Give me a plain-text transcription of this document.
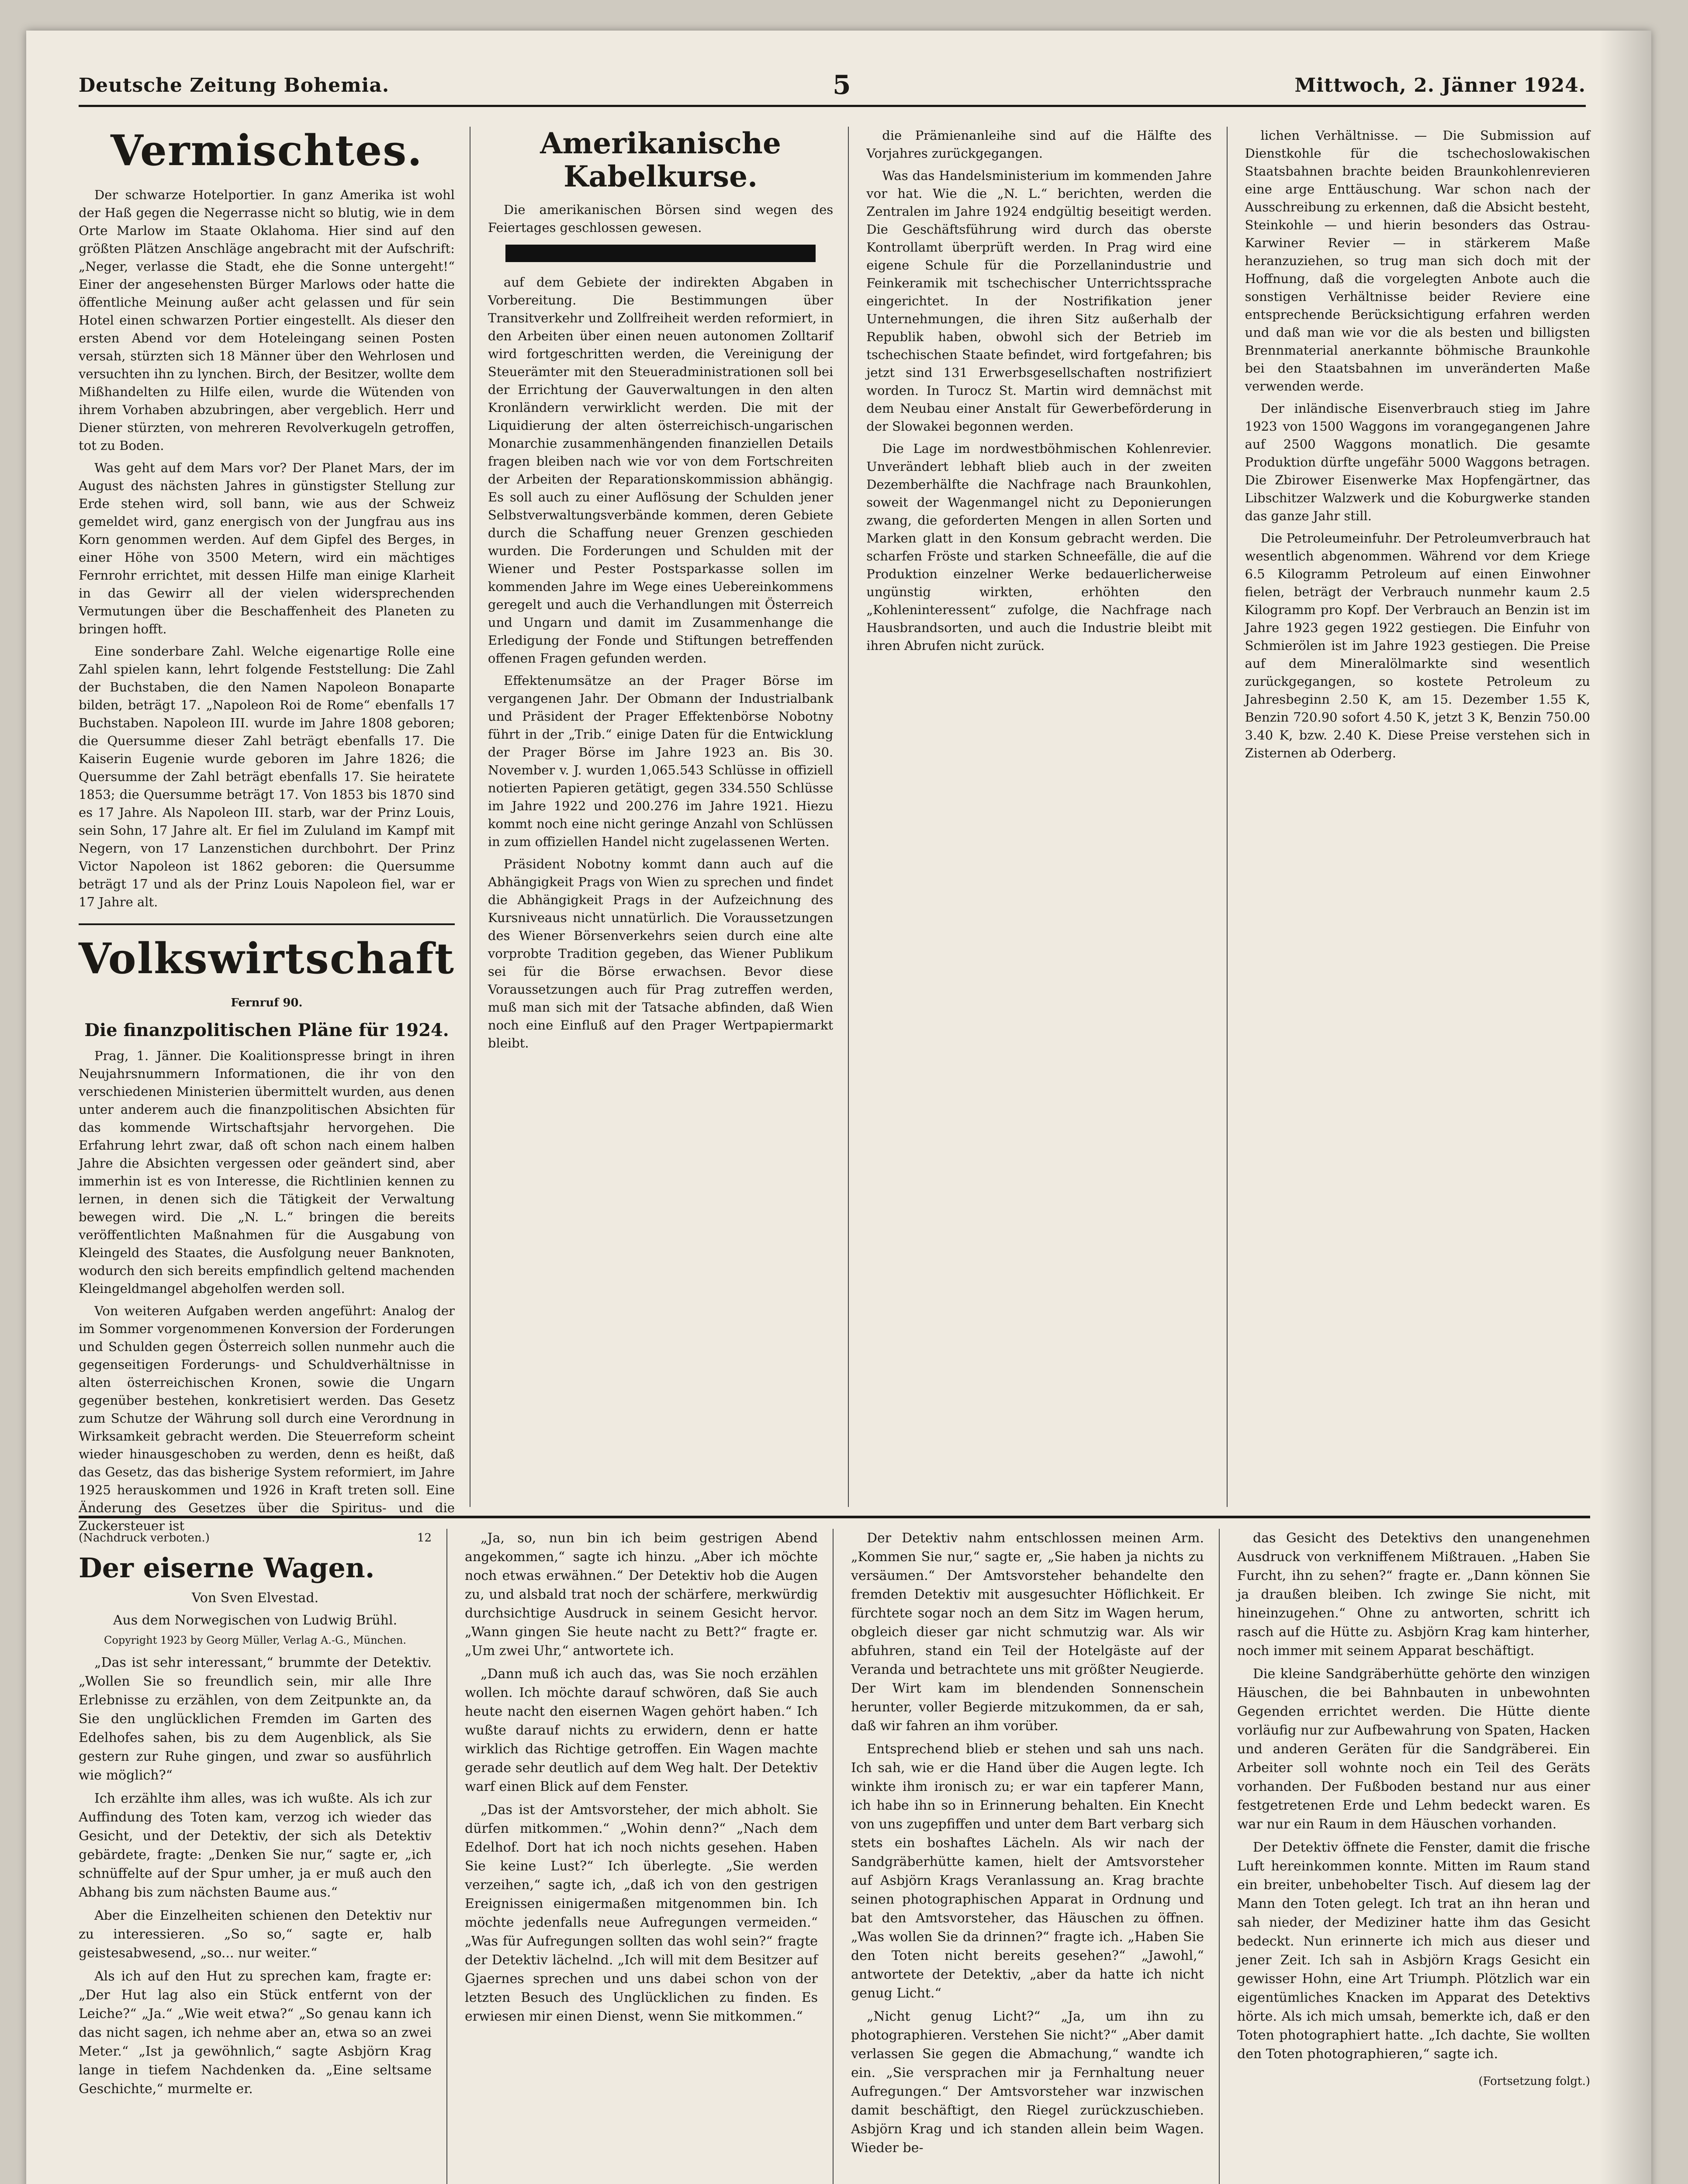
Deutsche Zeitung Bohemia.	5	Mittwoch, 2. Jänner 1924.
Vermischtes.

Der schwarze Hotelportier. In ganz Amerika ist wohl der Haß gegen die Negerrasse nicht so blutig, wie in dem Orte Marlow im Staate Oklahoma. Hier sind auf den größten Plätzen Anschläge angebracht mit der Aufschrift: „Neger, verlasse die Stadt, ehe die Sonne untergeht!“ Einer der angesehensten Bürger Marlows oder hatte die öffentliche Meinung außer acht gelassen und für sein Hotel einen schwarzen Portier eingestellt. Als dieser den ersten Abend vor dem Hoteleingang seinen Posten versah, stürzten sich 18 Männer über den Wehrlosen und versuchten ihn zu lynchen. Birch, der Besitzer, wollte dem Mißhandelten zu Hilfe eilen, wurde die Wütenden von ihrem Vorhaben abzubringen, aber vergeblich. Herr und Diener stürzten, von mehreren Revolverkugeln getroffen, tot zu Boden.

Was geht auf dem Mars vor? Der Planet Mars, der im August des nächsten Jahres in günstigster Stellung zur Erde stehen wird, soll bann, wie aus der Schweiz gemeldet wird, ganz energisch von der Jungfrau aus ins Korn genommen werden. Auf dem Gipfel des Berges, in einer Höhe von 3500 Metern, wird ein mächtiges Fernrohr errichtet, mit dessen Hilfe man einige Klarheit in das Gewirr all der vielen widersprechenden Vermutungen über die Beschaffenheit des Planeten zu bringen hofft.

Eine sonderbare Zahl. Welche eigenartige Rolle eine Zahl spielen kann, lehrt folgende Feststellung: Die Zahl der Buchstaben, die den Namen Napoleon Bonaparte bilden, beträgt 17. „Napoleon Roi de Rome“ ebenfalls 17 Buchstaben. Napoleon III. wurde im Jahre 1808 geboren; die Quersumme dieser Zahl beträgt ebenfalls 17. Die Kaiserin Eugenie wurde geboren im Jahre 1826; die Quersumme der Zahl beträgt ebenfalls 17. Sie heiratete 1853; die Quersumme beträgt 17. Von 1853 bis 1870 sind es 17 Jahre. Als Napoleon III. starb, war der Prinz Louis, sein Sohn, 17 Jahre alt. Er fiel im Zululand im Kampf mit Negern, von 17 Lanzenstichen durchbohrt. Der Prinz Victor Napoleon ist 1862 geboren: die Quersumme beträgt 17 und als der Prinz Louis Napoleon fiel, war er 17 Jahre alt.

Volkswirtschaft
Fernruf 90.
Die finanzpolitischen Pläne für 1924.

Prag, 1. Jänner. Die Koalitionspresse bringt in ihren Neujahrsnummern Informationen, die ihr von den verschiedenen Ministerien übermittelt wurden, aus denen unter anderem auch die finanzpolitischen Absichten für das kommende Wirtschaftsjahr hervorgehen. Die Erfahrung lehrt zwar, daß oft schon nach einem halben Jahre die Absichten vergessen oder geändert sind, aber immerhin ist es von Interesse, die Richtlinien kennen zu lernen, in denen sich die Tätigkeit der Verwaltung bewegen wird. Die „N. L.“ bringen die bereits veröffentlichten Maßnahmen für die Ausgabung von Kleingeld des Staates, die Ausfolgung neuer Banknoten, wodurch den sich bereits empfindlich geltend machenden Kleingeldmangel abgeholfen werden soll.

Von weiteren Aufgaben werden angeführt: Analog der im Sommer vorgenommenen Konversion der Forderungen und Schulden gegen Österreich sollen nunmehr auch die gegenseitigen Forderungs- und Schuldverhältnisse in alten österreichischen Kronen, sowie die Ungarn gegenüber bestehen, konkretisiert werden. Das Gesetz zum Schutze der Währung soll durch eine Verordnung in Wirksamkeit gebracht werden. Die Steuerreform scheint wieder hinausgeschoben zu werden, denn es heißt, daß das Gesetz, das das bisherige System reformiert, im Jahre 1925 herauskommen und 1926 in Kraft treten soll. Eine Änderung des Gesetzes über die Spiritus- und die Zuckersteuer ist

Amerikanische Kabelkurse.

Die amerikanischen Börsen sind wegen des Feiertages geschlossen gewesen.

auf dem Gebiete der indirekten Abgaben in Vorbereitung. Die Bestimmungen über Transitverkehr und Zollfreiheit werden reformiert, in den Arbeiten über einen neuen autonomen Zolltarif wird fortgeschritten werden, die Vereinigung der Steuerämter mit den Steueradministrationen soll bei der Errichtung der Gauverwaltungen in den alten Kronländern verwirklicht werden. Die mit der Liquidierung der alten österreichisch-ungarischen Monarchie zusammenhängenden finanziellen Details fragen bleiben nach wie vor von dem Fortschreiten der Arbeiten der Reparationskommission abhängig. Es soll auch zu einer Auflösung der Schulden jener Selbstverwaltungsverbände kommen, deren Gebiete durch die Schaffung neuer Grenzen geschieden wurden. Die Forderungen und Schulden mit der Wiener und Pester Postsparkasse sollen im kommenden Jahre im Wege eines Uebereinkommens geregelt und auch die Verhandlungen mit Österreich und Ungarn und damit im Zusammenhange die Erledigung der Fonde und Stiftungen betreffenden offenen Fragen gefunden werden.

Effektenumsätze an der Prager Börse im vergangenen Jahr. Der Obmann der Industrialbank und Präsident der Prager Effektenbörse Nobotny führt in der „Trib.“ einige Daten für die Entwicklung der Prager Börse im Jahre 1923 an. Bis 30. November v. J. wurden 1,065.543 Schlüsse in offiziell notierten Papieren getätigt, gegen 334.550 Schlüsse im Jahre 1922 und 200.276 im Jahre 1921. Hiezu kommt noch eine nicht geringe Anzahl von Schlüssen in zum offiziellen Handel nicht zugelassenen Werten.

Präsident Nobotny kommt dann auch auf die Abhängigkeit Prags von Wien zu sprechen und findet die Abhängigkeit Prags in der Aufzeichnung des Kursniveaus nicht unnatürlich. Die Voraussetzungen des Wiener Börsenverkehrs seien durch eine alte vorprobte Tradition gegeben, das Wiener Publikum sei für die Börse erwachsen. Bevor diese Voraussetzungen auch für Prag zutreffen werden, muß man sich mit der Tatsache abfinden, daß Wien noch eine Einfluß auf den Prager Wertpapiermarkt bleibt.

die Prämienanleihe sind auf die Hälfte des Vorjahres zurückgegangen.

Was das Handelsministerium im kommenden Jahre vor hat. Wie die „N. L.“ berichten, werden die Zentralen im Jahre 1924 endgültig beseitigt werden. Die Geschäftsführung wird durch das oberste Kontrollamt überprüft werden. In Prag wird eine eigene Schule für die Porzellanindustrie und Feinkeramik mit tschechischer Unterrichtssprache eingerichtet. In der Nostrifikation jener Unternehmungen, die ihren Sitz außerhalb der Republik haben, obwohl sich der Betrieb im tschechischen Staate befindet, wird fortgefahren; bis jetzt sind 131 Erwerbsgesellschaften nostrifiziert worden. In Turocz St. Martin wird demnächst mit dem Neubau einer Anstalt für Gewerbeförderung in der Slowakei begonnen werden.

Die Lage im nordwestböhmischen Kohlenrevier. Unverändert lebhaft blieb auch in der zweiten Dezemberhälfte die Nachfrage nach Braunkohlen, soweit der Wagenmangel nicht zu Deponierungen zwang, die geforderten Mengen in allen Sorten und Marken glatt in den Konsum gebracht werden. Die scharfen Fröste und starken Schneefälle, die auf die Produktion einzelner Werke bedauerlicherweise ungünstig wirkten, erhöhten den „Kohleninteressent“ zufolge, die Nachfrage nach Hausbrandsorten, und auch die Industrie bleibt mit ihren Abrufen nicht zurück.

lichen Verhältnisse. — Die Submission auf Dienstkohle für die tschechoslowakischen Staatsbahnen brachte beiden Braunkohlenrevieren eine arge Enttäuschung. War schon nach der Ausschreibung zu erkennen, daß die Absicht besteht, Steinkohle — und hierin besonders das Ostrau-Karwiner Revier — in stärkerem Maße heranzuziehen, so trug man sich doch mit der Hoffnung, daß die vorgelegten Anbote auch die sonstigen Verhältnisse beider Reviere eine entsprechende Berücksichtigung erfahren werden und daß man wie vor die als besten und billigsten Brennmaterial anerkannte böhmische Braunkohle bei den Staatsbahnen im unveränderten Maße verwenden werde.

Der inländische Eisenverbrauch stieg im Jahre 1923 von 1500 Waggons im vorangegangenen Jahre auf 2500 Waggons monatlich. Die gesamte Produktion dürfte ungefähr 5000 Waggons betragen. Die Zbirower Eisenwerke Max Hopfengärtner, das Libschitzer Walzwerk und die Koburgwerke standen das ganze Jahr still.

Die Petroleumeinfuhr. Der Petroleumverbrauch hat wesentlich abgenommen. Während vor dem Kriege 6.5 Kilogramm Petroleum auf einen Einwohner fielen, beträgt der Verbrauch nunmehr kaum 2.5 Kilogramm pro Kopf. Der Verbrauch an Benzin ist im Jahre 1923 gegen 1922 gestiegen. Die Einfuhr von Schmierölen ist im Jahre 1923 gestiegen. Die Preise auf dem Mineralölmarkte sind wesentlich zurückgegangen, so kostete Petroleum zu Jahresbeginn 2.50 K, am 15. Dezember 1.55 K, Benzin 720.90 sofort 4.50 K, jetzt 3 K, Benzin 750.00 3.40 K, bzw. 2.40 K. Diese Preise verstehen sich in Zisternen ab Oderberg.

(Nachdruck verboten.)	12
Der eiserne Wagen.
Von Sven Elvestad.
Aus dem Norwegischen von Ludwig Brühl.
Copyright 1923 by Georg Müller, Verlag A.-G., München.

„Das ist sehr interessant,“ brummte der Detektiv. „Wollen Sie so freundlich sein, mir alle Ihre Erlebnisse zu erzählen, von dem Zeitpunkte an, da Sie den unglücklichen Fremden im Garten des Edelhofes sahen, bis zu dem Augenblick, als Sie gestern zur Ruhe gingen, und zwar so ausführlich wie möglich?“

Ich erzählte ihm alles, was ich wußte. Als ich zur Auffindung des Toten kam, verzog ich wieder das Gesicht, und der Detektiv, der sich als Detektiv gebärdete, fragte: „Denken Sie nur,“ sagte er, „ich schnüffelte auf der Spur umher, ja er muß auch den Abhang bis zum nächsten Baume aus.“

Aber die Einzelheiten schienen den Detektiv nur zu interessieren. „So so,“ sagte er, halb geistesabwesend, „so... nur weiter.“

Als ich auf den Hut zu sprechen kam, fragte er: „Der Hut lag also ein Stück entfernt von der Leiche?“ „Ja.“ „Wie weit etwa?“ „So genau kann ich das nicht sagen, ich nehme aber an, etwa so an zwei Meter.“ „Ist ja gewöhnlich,“ sagte Asbjörn Krag lange in tiefem Nachdenken da. „Eine seltsame Geschichte,“ murmelte er.

„Ja, so, nun bin ich beim gestrigen Abend angekommen,“ sagte ich hinzu. „Aber ich möchte noch etwas erwähnen.“ Der Detektiv hob die Augen zu, und alsbald trat noch der schärfere, merkwürdig durchsichtige Ausdruck in seinem Gesicht hervor. „Wann gingen Sie heute nacht zu Bett?“ fragte er. „Um zwei Uhr,“ antwortete ich.

„Dann muß ich auch das, was Sie noch erzählen wollen. Ich möchte darauf schwören, daß Sie auch heute nacht den eisernen Wagen gehört haben.“ Ich wußte darauf nichts zu erwidern, denn er hatte wirklich das Richtige getroffen. Ein Wagen machte gerade sehr deutlich auf dem Weg halt. Der Detektiv warf einen Blick auf dem Fenster.

„Das ist der Amtsvorsteher, der mich abholt. Sie dürfen mitkommen.“ „Wohin denn?“ „Nach dem Edelhof. Dort hat ich noch nichts gesehen. Haben Sie keine Lust?“ Ich überlegte. „Sie werden verzeihen,“ sagte ich, „daß ich von den gestrigen Ereignissen einigermaßen mitgenommen bin. Ich möchte jedenfalls neue Aufregungen vermeiden.“ „Was für Aufregungen sollten das wohl sein?“ fragte der Detektiv lächelnd. „Ich will mit dem Besitzer auf Gjaernes sprechen und uns dabei schon von der letzten Besuch des Unglücklichen zu finden. Es erwiesen mir einen Dienst, wenn Sie mitkommen.“

Der Detektiv nahm entschlossen meinen Arm. „Kommen Sie nur,“ sagte er, „Sie haben ja nichts zu versäumen.“ Der Amtsvorsteher behandelte den fremden Detektiv mit ausgesuchter Höflichkeit. Er fürchtete sogar noch an dem Sitz im Wagen herum, obgleich dieser gar nicht schmutzig war. Als wir abfuhren, stand ein Teil der Hotelgäste auf der Veranda und betrachtete uns mit größter Neugierde. Der Wirt kam im blendenden Sonnenschein herunter, voller Begierde mitzukommen, da er sah, daß wir fahren an ihm vorüber.

Entsprechend blieb er stehen und sah uns nach. Ich sah, wie er die Hand über die Augen legte. Ich winkte ihm ironisch zu; er war ein tapferer Mann, ich habe ihn so in Erinnerung behalten. Ein Knecht von uns zugepfiffen und unter dem Bart verbarg sich stets ein boshaftes Lächeln. Als wir nach der Sandgräberhütte kamen, hielt der Amtsvorsteher auf Asbjörn Krags Veranlassung an. Krag brachte seinen photographischen Apparat in Ordnung und bat den Amtsvorsteher, das Häuschen zu öffnen. „Was wollen Sie da drinnen?“ fragte ich. „Haben Sie den Toten nicht bereits gesehen?“ „Jawohl,“ antwortete der Detektiv, „aber da hatte ich nicht genug Licht.“

„Nicht genug Licht?“ „Ja, um ihn zu photographieren. Verstehen Sie nicht?“ „Aber damit verlassen Sie gegen die Abmachung,“ wandte ich ein. „Sie versprachen mir ja Fernhaltung neuer Aufregungen.“ Der Amtsvorsteher war inzwischen damit beschäftigt, den Riegel zurückzuschieben. Asbjörn Krag und ich standen allein beim Wagen. Wieder be-

das Gesicht des Detektivs den unangenehmen Ausdruck von verkniffenem Mißtrauen. „Haben Sie Furcht, ihn zu sehen?“ fragte er. „Dann können Sie ja draußen bleiben. Ich zwinge Sie nicht, mit hineinzugehen.“ Ohne zu antworten, schritt ich rasch auf die Hütte zu. Asbjörn Krag kam hinterher, noch immer mit seinem Apparat beschäftigt.

Die kleine Sandgräberhütte gehörte den winzigen Häuschen, die bei Bahnbauten in unbewohnten Gegenden errichtet werden. Die Hütte diente vorläufig nur zur Aufbewahrung von Spaten, Hacken und anderen Geräten für die Sandgräberei. Ein Arbeiter soll wohnte noch ein Teil des Geräts vorhanden. Der Fußboden bestand nur aus einer festgetretenen Erde und Lehm bedeckt waren. Es war nur ein Raum in dem Häuschen vorhanden.

Der Detektiv öffnete die Fenster, damit die frische Luft hereinkommen konnte. Mitten im Raum stand ein breiter, unbehobelter Tisch. Auf diesem lag der Mann den Toten gelegt. Ich trat an ihn heran und sah nieder, der Mediziner hatte ihm das Gesicht bedeckt. Nun erinnerte ich mich aus dieser und jener Zeit. Ich sah in Asbjörn Krags Gesicht ein gewisser Hohn, eine Art Triumph. Plötzlich war ein eigentümliches Knacken im Apparat des Detektivs hörte. Als ich mich umsah, bemerkte ich, daß er den Toten photographiert hatte. „Ich dachte, Sie wollten den Toten photographieren,“ sagte ich.

(Fortsetzung folgt.)
